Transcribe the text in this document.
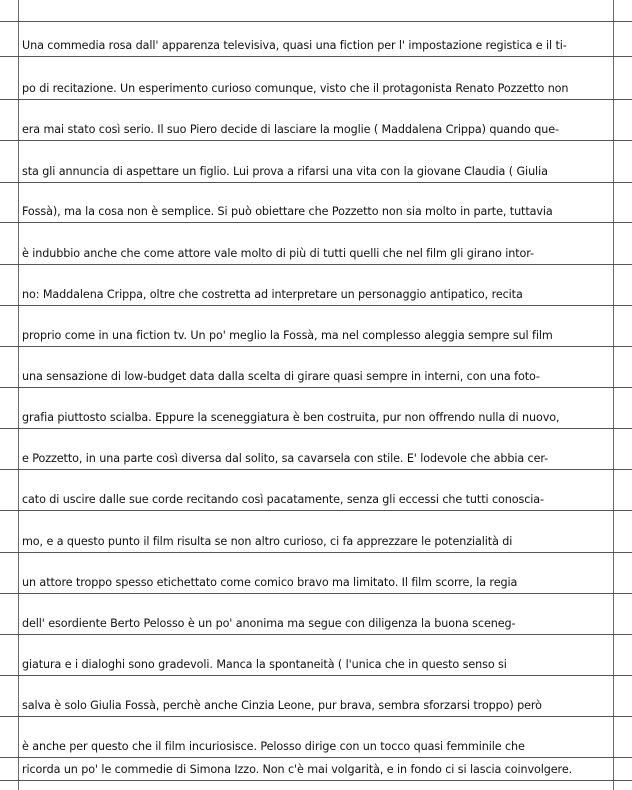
Una commedia rosa dall' apparenza televisiva, quasi una fiction per l' impostazione registica e il ti-
po di recitazione. Un esperimento curioso comunque, visto che il protagonista Renato Pozzetto non
era mai stato così serio. Il suo Piero decide di lasciare la moglie ( Maddalena Crippa) quando que-
sta gli annuncia di aspettare un figlio. Lui prova a rifarsi una vita con la giovane Claudia ( Giulia
Fossà), ma la cosa non è semplice. Si può obiettare che Pozzetto non sia molto in parte, tuttavia
è indubbio anche che come attore vale molto di più di tutti quelli che nel film gli girano intor-
no: Maddalena Crippa, oltre che costretta ad interpretare un personaggio antipatico, recita
proprio come in una fiction tv. Un po' meglio la Fossà, ma nel complesso aleggia sempre sul film
una sensazione di low-budget data dalla scelta di girare quasi sempre in interni, con una foto-
grafia piuttosto scialba. Eppure la sceneggiatura è ben costruita, pur non offrendo nulla di nuovo,
e Pozzetto, in una parte così diversa dal solito, sa cavarsela con stile. E' lodevole che abbia cer-
cato di uscire dalle sue corde recitando così pacatamente, senza gli eccessi che tutti conoscia-
mo, e a questo punto il film risulta se non altro curioso, ci fa apprezzare le potenzialità di
un attore troppo spesso etichettato come comico bravo ma limitato. Il film scorre, la regia
dell' esordiente Berto Pelosso è un po' anonima ma segue con diligenza la buona sceneg-
giatura e i dialoghi sono gradevoli. Manca la spontaneità ( l'unica che in questo senso si
salva è solo Giulia Fossà, perchè anche Cinzia Leone, pur brava, sembra sforzarsi troppo) però
è anche per questo che il film incuriosisce. Pelosso dirige con un tocco quasi femminile che
ricorda un po' le commedie di Simona Izzo. Non c'è mai volgarità, e in fondo ci si lascia coinvolgere.
